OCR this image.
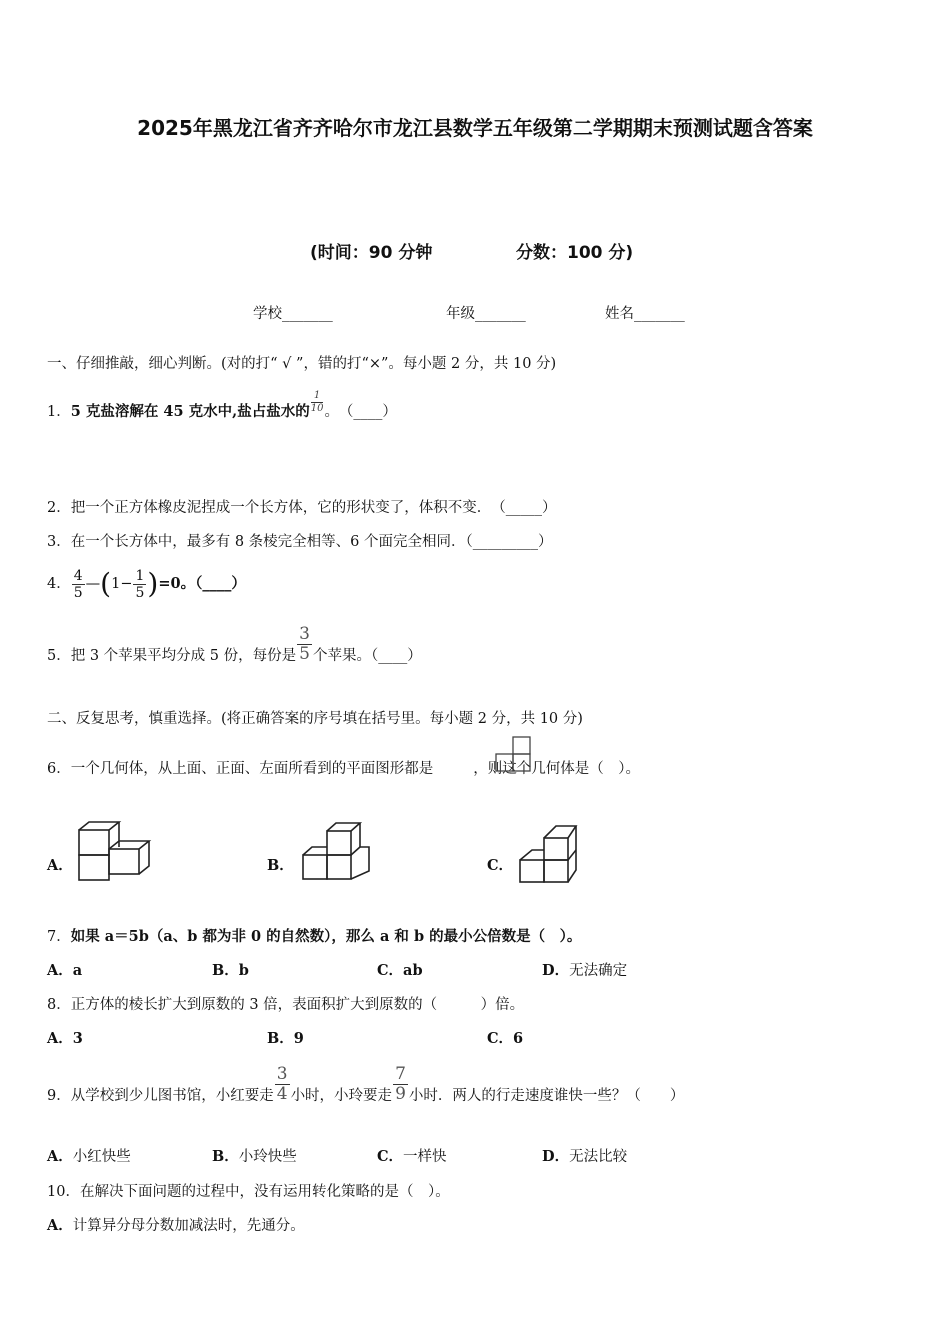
2025年黑龙江省齐齐哈尔市龙江县数学五年级第二学期期末预测试题含答案
(时间：90 分钟	分数：100 分)
学校_______	年级_______	姓名_______
一、仔细推敲，细心判断。(对的打“ √ ”，错的打“×”。每小题 2 分，共 10 分)
1．5 克盐溶解在 45 克水中,盐占盐水的 $\frac{1}{10}$ 。　（____）
2．把一个正方体橡皮泥捏成一个长方体，它的形状变了，体积不变．　（_____）
3．在一个长方体中，最多有 8 条棱完全相等、6 个面完全相同．（_________）
4． $\frac{4}{5}$ —(1− $\frac{1}{5} )=0$。（____）
5．把 3 个苹果平均分成 5 份，每份是 $\frac{3}{5}$ 个苹果。（____）
二、反复思考，慎重选择。(将正确答案的序号填在括号里。每小题 2 分，共 10 分)
6．一个几何体，从上面、正面、左面所看到的平面图形都是	，则这个几何体是（　）。
A．	B．	C．
7．如果 a＝5b（a、b 都为非 0 的自然数），那么 a 和 b 的最小公倍数是（　）。
A．a	B．b	C．ab	D．无法确定
8．正方体的棱长扩大到原数的 3 倍，表面积扩大到原数的（　　　）倍。
A．3	B．9	C．6
9．从学校到少儿图书馆，小红要走 $\frac{3}{4}$ 小时，小玲要走 $\frac{7}{9}$ 小时．两人的行走速度谁快一些？（　　）
A．小红快些	B．小玲快些	C．一样快	D．无法比较
10．在解决下面问题的过程中，没有运用转化策略的是（　）。
A．计算异分母分数加减法时，先通分。
